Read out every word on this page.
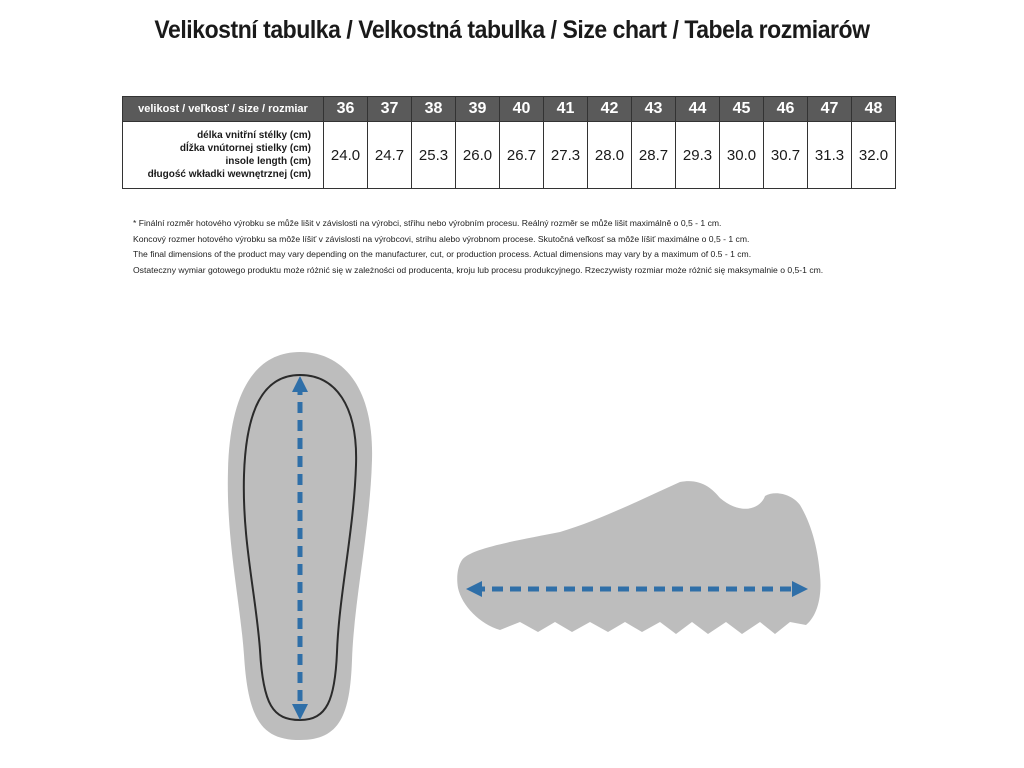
Velikostní tabulka / Velkostná tabulka / Size chart / Tabela rozmiarów
velikost / veľkosť / size / rozmiar	36	37	38	39	40	41	42	43	44	45	46	47	48

délka vnitřní stélky (cm)
dĺžka vnútornej stielky (cm)
insole length (cm)
długość wkładki wewnętrznej (cm)	24.0	24.7	25.3	26.0	26.7	27.3	28.0	28.7	29.3	30.0	30.7	31.3	32.0

* Finální rozměr hotového výrobku se může lišit v závislosti na výrobci, střihu nebo výrobním procesu. Reálný rozměr se může lišit maximálně o 0,5 - 1 cm.

Koncový rozmer hotového výrobku sa môže líšiť v závislosti na výrobcovi, strihu alebo výrobnom procese. Skutočná veľkosť sa môže líšiť maximálne o 0,5 - 1 cm.

The final dimensions of the product may vary depending on the manufacturer, cut, or production process. Actual dimensions may vary by a maximum of 0.5 - 1 cm.

Ostateczny wymiar gotowego produktu może różnić się w zależności od producenta, kroju lub procesu produkcyjnego. Rzeczywisty rozmiar może różnić się maksymalnie o 0,5-1 cm.
